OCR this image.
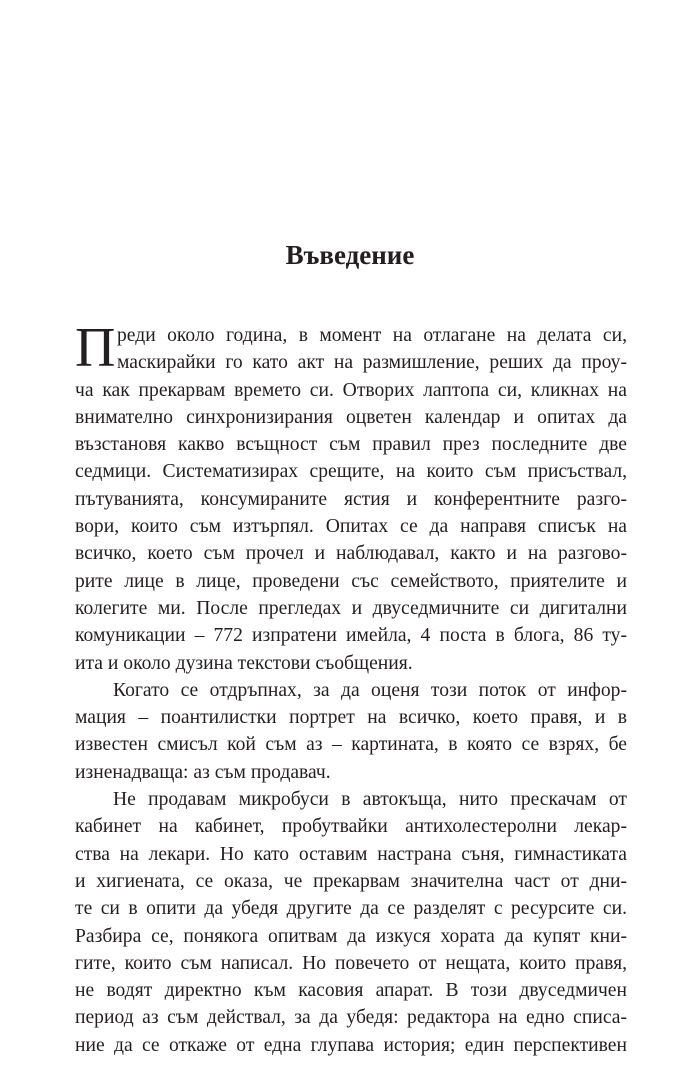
Въведение
П реди около година, в момент на отлагане на делата си,
маскирайки го като акт на размишление, реших да проу-
ча как прекарвам времето си. Отворих лаптопа си, кликнах на
внимателно синхронизирания оцветен календар и опитах да
възстановя какво всъщност съм правил през последните две
седмици. Систематизирах срещите, на които съм присъствал,
пътуванията, консумираните ястия и конферентните разго-
вори, които съм изтърпял. Опитах се да направя списък на
всичко, което съм прочел и наблюдавал, както и на разгово-
рите лице в лице, проведени със семейството, приятелите и
колегите ми. После прегледах и двуседмичните си дигитални
комуникации – 772 изпратени имейла, 4 поста в блога, 86 ту-
ита и около дузина текстови съобщения.
Когато се отдръпнах, за да оценя този поток от инфор-
мация – поантилистки портрет на всичко, което правя, и в
известен смисъл кой съм аз – картината, в която се взрях, бе
изненадваща: аз съм продавач.
Не продавам микробуси в автокъща, нито прескачам от
кабинет на кабинет, пробутвайки антихолестеролни лекар-
ства на лекари. Но като оставим настрана съня, гимнастиката
и хигиената, се оказа, че прекарвам значителна част от дни-
те си в опити да убедя другите да се разделят с ресурсите си.
Разбира се, понякога опитвам да изкуся хората да купят кни-
гите, които съм написал. Но повечето от нещата, които правя,
не водят директно към касовия апарат. В този двуседмичен
период аз съм действал, за да убедя: редактора на едно списа-
ние да се откаже от една глупава история; един перспективен
